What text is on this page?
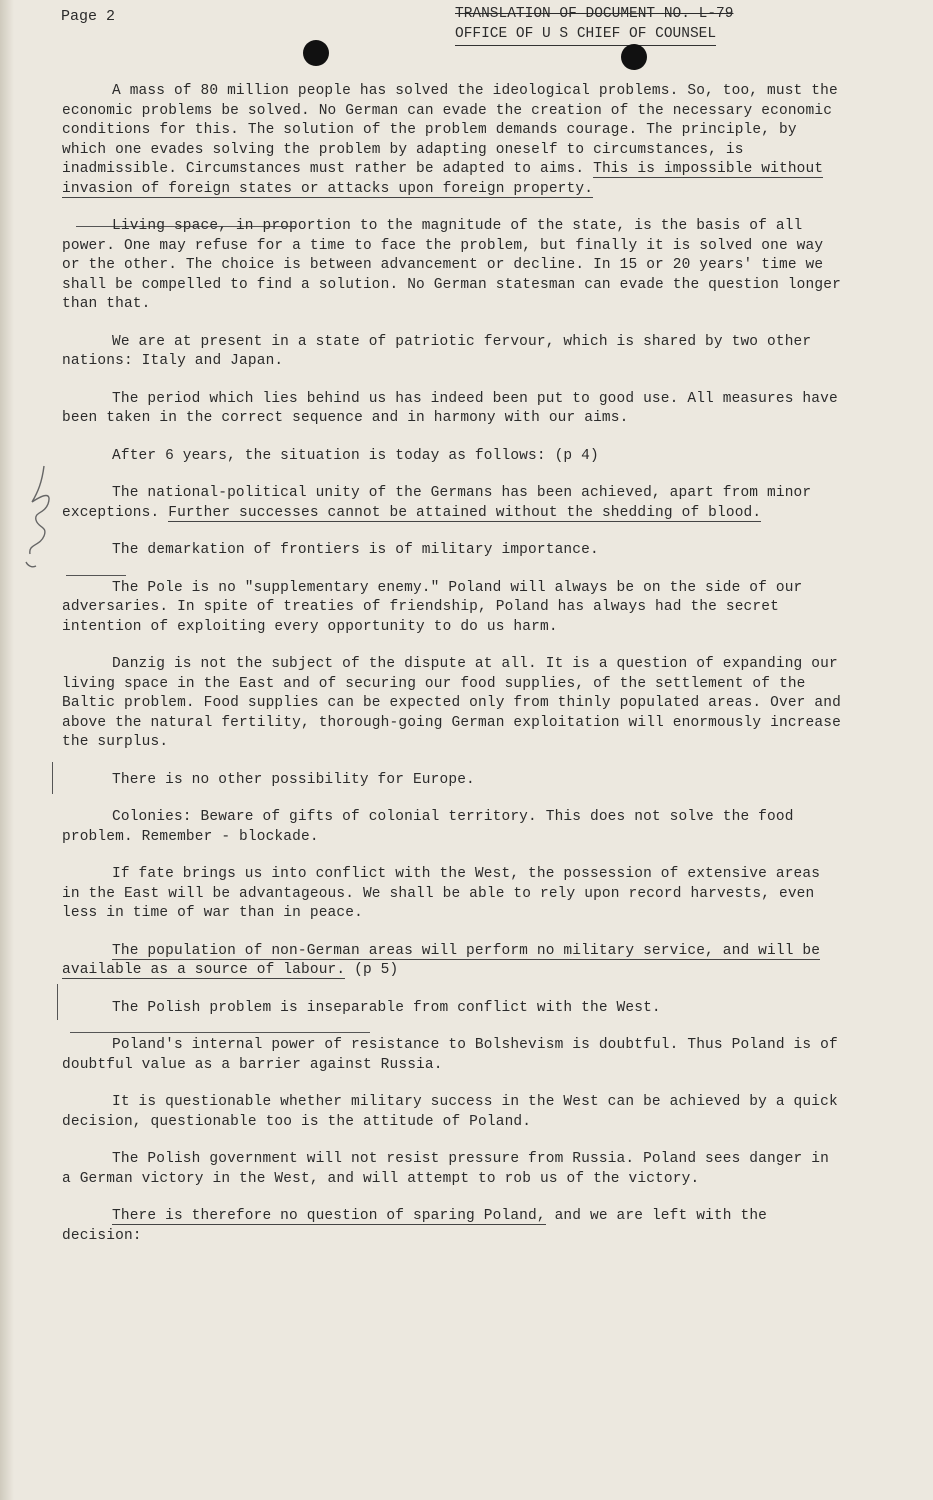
Page 2	TRANSLATION OF DOCUMENT NO. L-79
OFFICE OF U S CHIEF OF COUNSEL

A mass of 80 million people has solved the ideological problems. So, too, must the economic problems be solved. No German can evade the creation of the necessary economic conditions for this. The solution of the problem demands courage. The principle, by which one evades solving the problem by adapting oneself to circumstances, is inadmissible. Circumstances must rather be adapted to aims. This is impossible without invasion of foreign states or attacks upon foreign property.

Living space, in proportion to the magnitude of the state, is the basis of all power. One may refuse for a time to face the problem, but finally it is solved one way or the other. The choice is between advancement or decline. In 15 or 20 years' time we shall be compelled to find a solution. No German statesman can evade the question longer than that.

We are at present in a state of patriotic fervour, which is shared by two other nations: Italy and Japan.

The period which lies behind us has indeed been put to good use. All measures have been taken in the correct sequence and in harmony with our aims.

After 6 years, the situation is today as follows: (p 4)

The national-political unity of the Germans has been achieved, apart from minor exceptions. Further successes cannot be attained without the shedding of blood.

The demarkation of frontiers is of military importance.

The Pole is no "supplementary enemy." Poland will always be on the side of our adversaries. In spite of treaties of friendship, Poland has always had the secret intention of exploiting every opportunity to do us harm.

Danzig is not the subject of the dispute at all. It is a question of expanding our living space in the East and of securing our food supplies, of the settlement of the Baltic problem. Food supplies can be expected only from thinly populated areas. Over and above the natural fertility, thorough-going German exploitation will enormously increase the surplus.

There is no other possibility for Europe.

Colonies: Beware of gifts of colonial territory. This does not solve the food problem. Remember - blockade.

If fate brings us into conflict with the West, the possession of extensive areas in the East will be advantageous. We shall be able to rely upon record harvests, even less in time of war than in peace.

The population of non-German areas will perform no military service, and will be available as a source of labour. (p 5)

The Polish problem is inseparable from conflict with the West.

Poland's internal power of resistance to Bolshevism is doubtful. Thus Poland is of doubtful value as a barrier against Russia.

It is questionable whether military success in the West can be achieved by a quick decision, questionable too is the attitude of Poland.

The Polish government will not resist pressure from Russia. Poland sees danger in a German victory in the West, and will attempt to rob us of the victory.

There is therefore no question of sparing Poland, and we are left with the decision:
